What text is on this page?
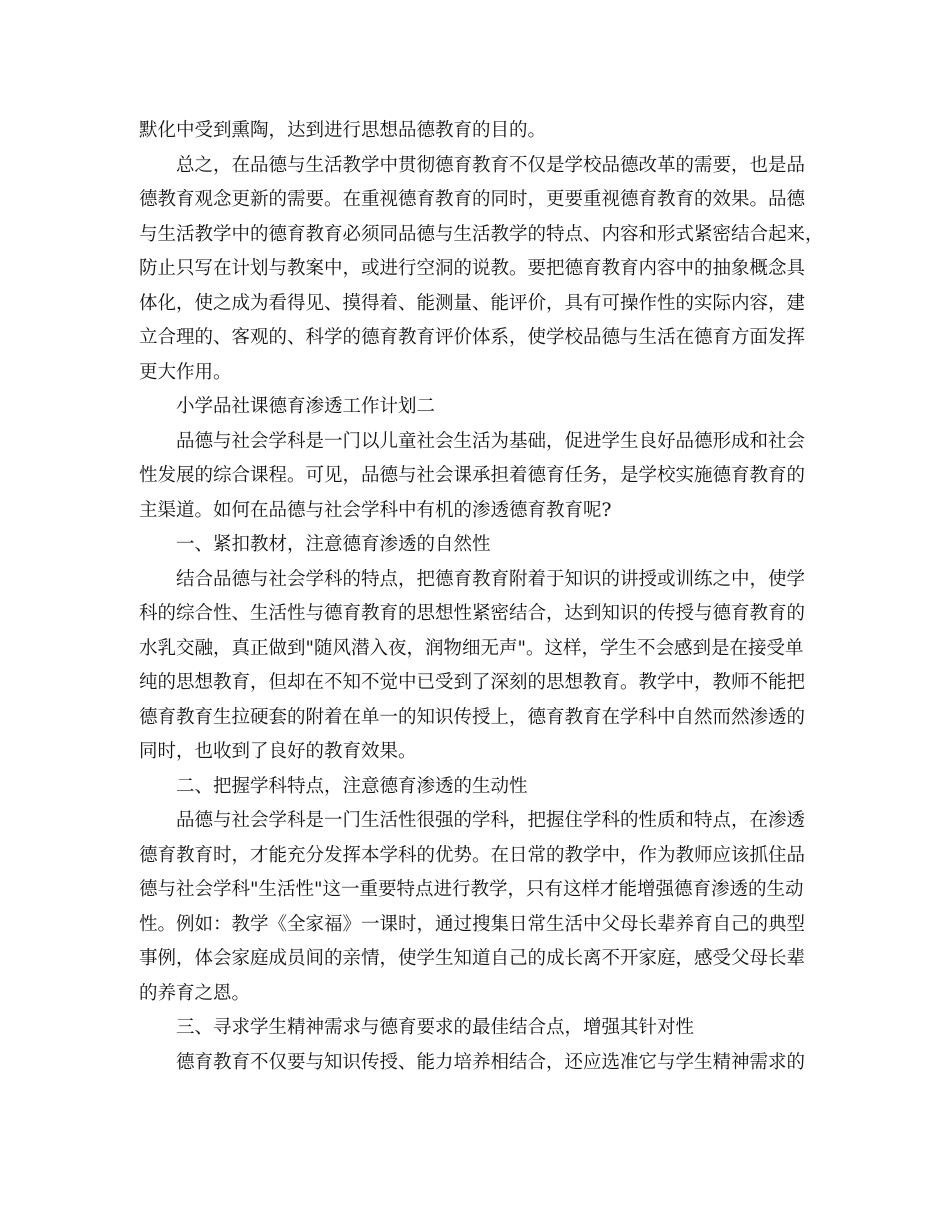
默化中受到熏陶，达到进行思想品德教育的目的。
总之，在品德与生活教学中贯彻德育教育不仅是学校品德改革的需要，也是品
德教育观念更新的需要。在重视德育教育的同时，更要重视德育教育的效果。品德
与生活教学中的德育教育必须同品德与生活教学的特点、内容和形式紧密结合起来，
防止只写在计划与教案中，或进行空洞的说教。要把德育教育内容中的抽象概念具
体化，使之成为看得见、摸得着、能测量、能评价，具有可操作性的实际内容，建
立合理的、客观的、科学的德育教育评价体系，使学校品德与生活在德育方面发挥
更大作用。
小学品社课德育渗透工作计划二
品德与社会学科是一门以儿童社会生活为基础，促进学生良好品德形成和社会
性发展的综合课程。可见，品德与社会课承担着德育任务，是学校实施德育教育的
主渠道。如何在品德与社会学科中有机的渗透德育教育呢?
一、紧扣教材，注意德育渗透的自然性
结合品德与社会学科的特点，把德育教育附着于知识的讲授或训练之中，使学
科的综合性、生活性与德育教育的思想性紧密结合，达到知识的传授与德育教育的
水乳交融，真正做到"随风潜入夜，润物细无声"。这样，学生不会感到是在接受单
纯的思想教育，但却在不知不觉中已受到了深刻的思想教育。教学中，教师不能把
德育教育生拉硬套的附着在单一的知识传授上，德育教育在学科中自然而然渗透的
同时，也收到了良好的教育效果。
二、把握学科特点，注意德育渗透的生动性
品德与社会学科是一门生活性很强的学科，把握住学科的性质和特点，在渗透
德育教育时，才能充分发挥本学科的优势。在日常的教学中，作为教师应该抓住品
德与社会学科"生活性"这一重要特点进行教学，只有这样才能增强德育渗透的生动
性。例如：教学《全家福》一课时，通过搜集日常生活中父母长辈养育自己的典型
事例，体会家庭成员间的亲情，使学生知道自己的成长离不开家庭，感受父母长辈
的养育之恩。
三、寻求学生精神需求与德育要求的最佳结合点，增强其针对性
德育教育不仅要与知识传授、能力培养相结合，还应选准它与学生精神需求的
